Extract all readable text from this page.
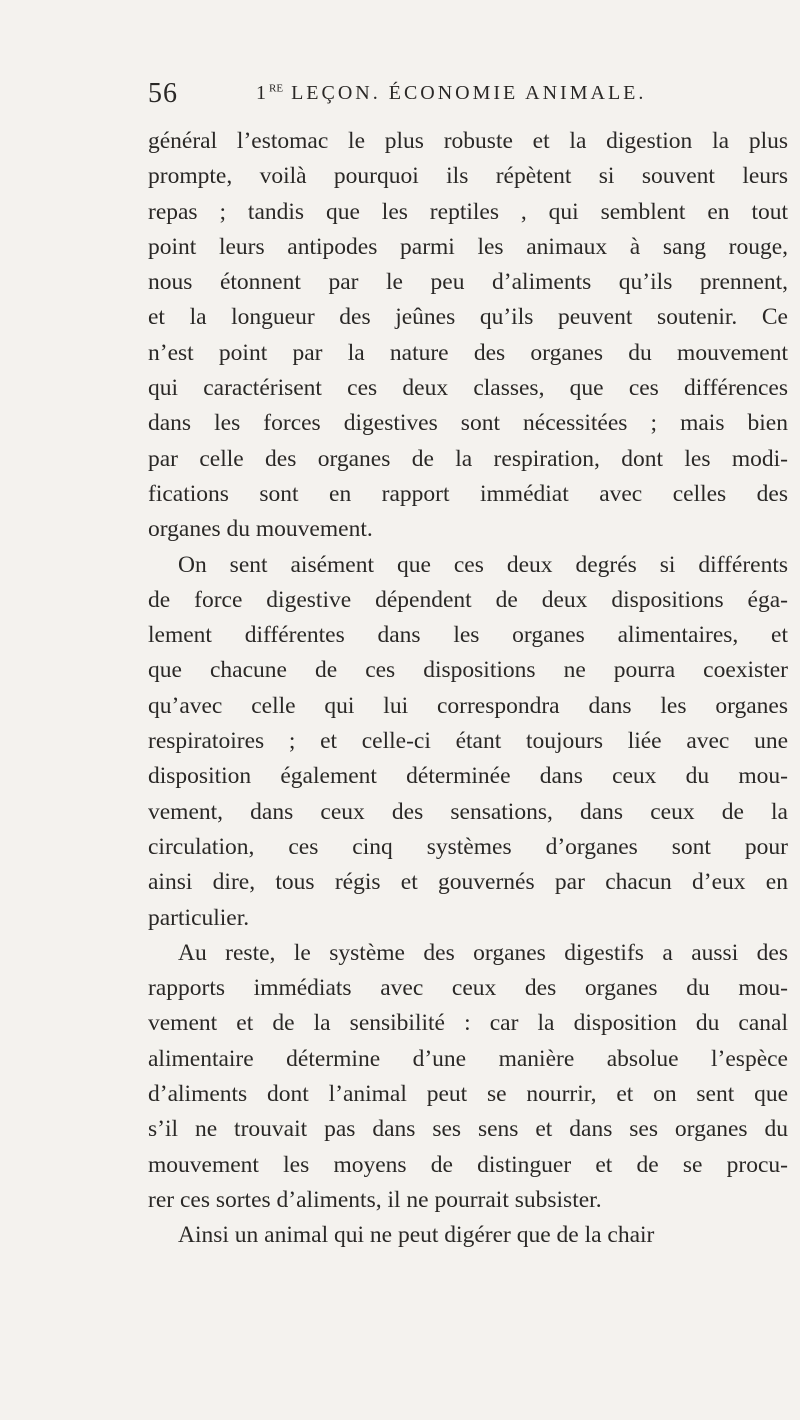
56	1RE LEÇON. ÉCONOMIE ANIMALE.
général l’estomac le plus robuste et la digestion la plus
prompte, voilà pourquoi ils répètent si souvent leurs
repas ; tandis que les reptiles , qui semblent en tout
point leurs antipodes parmi les animaux à sang rouge,
nous étonnent par le peu d’aliments qu’ils prennent,
et la longueur des jeûnes qu’ils peuvent soutenir. Ce
n’est point par la nature des organes du mouvement
qui caractérisent ces deux classes, que ces différences
dans les forces digestives sont nécessitées ; mais bien
par celle des organes de la respiration, dont les modi-
fications sont en rapport immédiat avec celles des
organes du mouvement.
On sent aisément que ces deux degrés si différents
de force digestive dépendent de deux dispositions éga-
lement différentes dans les organes alimentaires, et
que chacune de ces dispositions ne pourra coexister
qu’avec celle qui lui correspondra dans les organes
respiratoires ; et celle-ci étant toujours liée avec une
disposition également déterminée dans ceux du mou-
vement, dans ceux des sensations, dans ceux de la
circulation, ces cinq systèmes d’organes sont pour
ainsi dire, tous régis et gouvernés par chacun d’eux en
particulier.
Au reste, le système des organes digestifs a aussi des
rapports immédiats avec ceux des organes du mou-
vement et de la sensibilité : car la disposition du canal
alimentaire détermine d’une manière absolue l’espèce
d’aliments dont l’animal peut se nourrir, et on sent que
s’il ne trouvait pas dans ses sens et dans ses organes du
mouvement les moyens de distinguer et de se procu-
rer ces sortes d’aliments, il ne pourrait subsister.
Ainsi un animal qui ne peut digérer que de la chair
